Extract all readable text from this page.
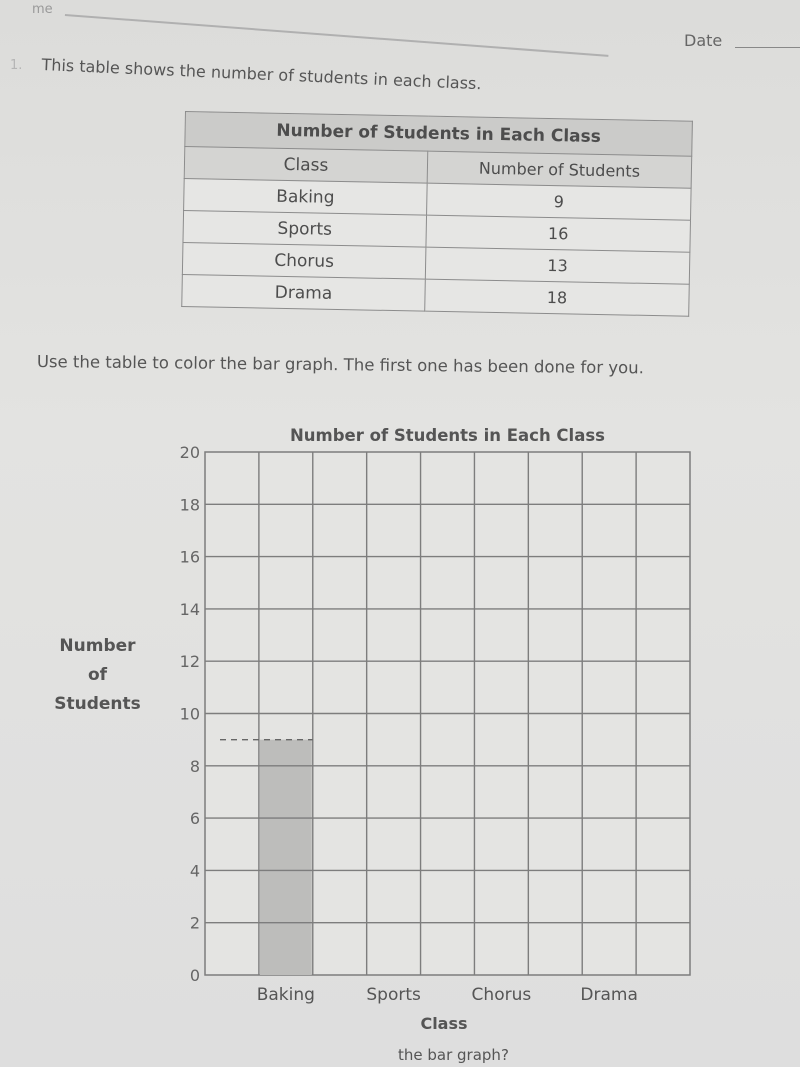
me
Date
1. This table shows the number of students in each class.
Number of Students in Each Class	
Class	Number of Students
Baking	9
Sports	16
Chorus	13
Drama	18
Use the table to color the bar graph. The first one has been done for you.
Baking	Sports	Chorus	Drama
0
2
4
6
8
10
12
14
16
18
20
Number of Students in Each Class
Class
Number
of
Students
the bar graph?
